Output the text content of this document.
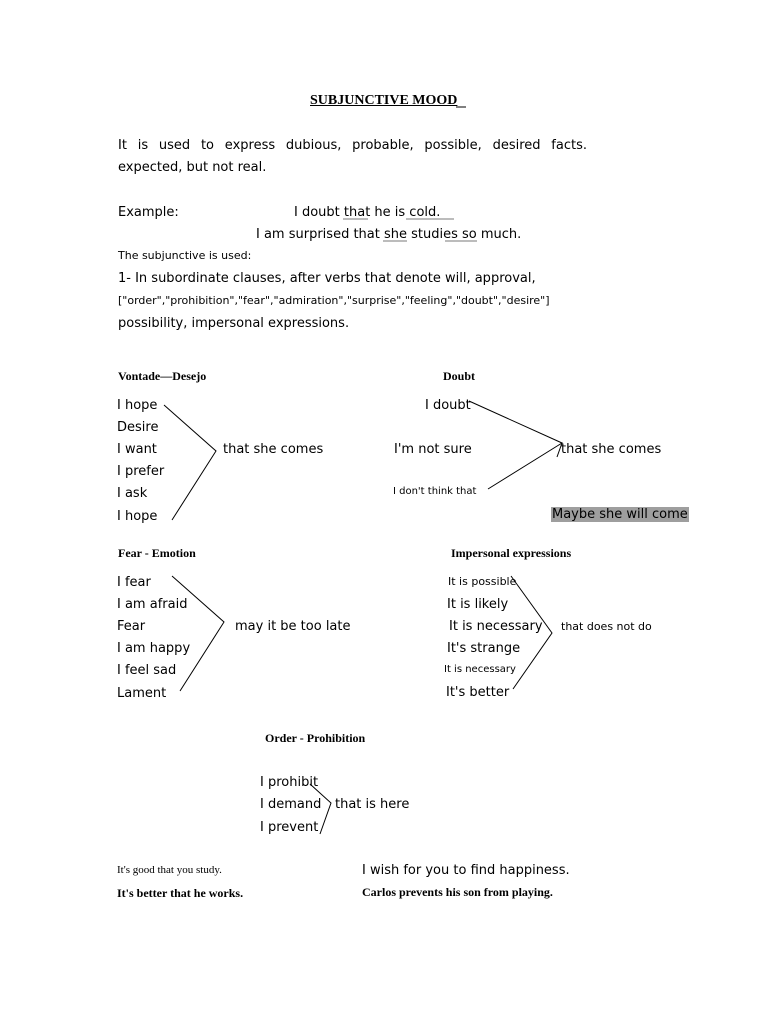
SUBJUNCTIVE MOOD
It is used to express dubious, probable, possible, desired facts.
expected, but not real.
Example:	I doubt that he is cold.
I am surprised that she studies so much.
The subjunctive is used:
1- In subordinate clauses, after verbs that denote will, approval,
["order","prohibition","fear","admiration","surprise","feeling","doubt","desire"]
possibility, impersonal expressions.
Vontade—Desejo
I hope
Desire
I want
I prefer
I ask
I hope
that she comes
Doubt
I doubt
I'm not sure
I don't think that
that she comes
Maybe she will come
Fear - Emotion
I fear
I am afraid
Fear
I am happy
I feel sad
Lament
may it be too late
Impersonal expressions
It is possible
It is likely
It is necessary
It's strange
It is necessary
It's better
that does not do
Order - Prohibition
I prohibit
I demand
I prevent
that is here
It's good that you study.
It's better that he works.
I wish for you to find happiness.
Carlos prevents his son from playing.
